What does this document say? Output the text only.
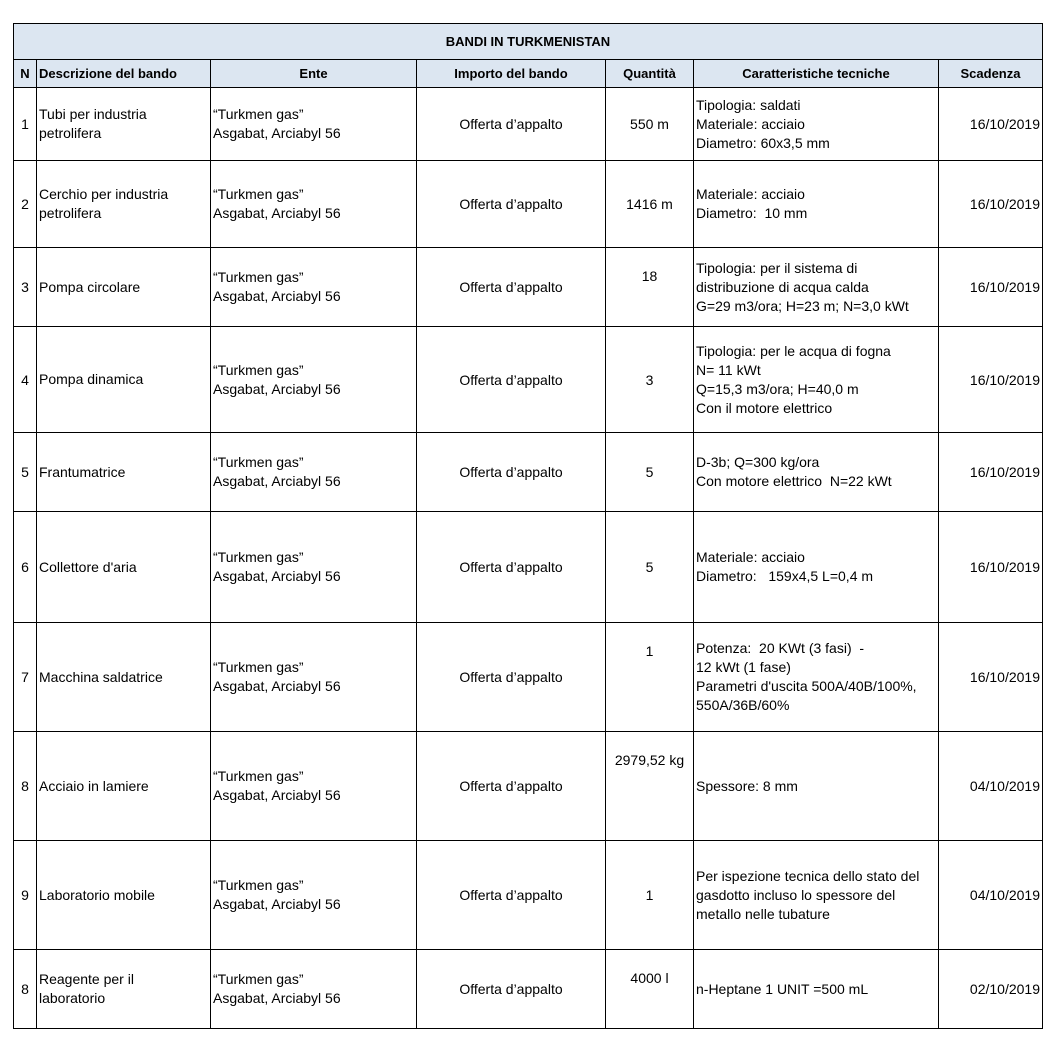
BANDI IN TURKMENISTAN						
N	Descrizione del bando	Ente	Importo del bando	Quantità	Caratteristiche tecniche	Scadenza
1	Tubi per industria
petrolifera	“Turkmen gas”
Asgabat, Arciabyl 56	Offerta d’appalto	550 m	Tipologia: saldati
Materiale: acciaio
Diametro: 60x3,5 mm	16/10/2019
2	Cerchio per industria
petrolifera	“Turkmen gas”
Asgabat, Arciabyl 56	Offerta d’appalto	1416 m	Materiale: acciaio
Diametro:  10 mm	16/10/2019
3	Pompa circolare	“Turkmen gas”
Asgabat, Arciabyl 56	Offerta d’appalto	18	Tipologia: per il sistema di
distribuzione di acqua calda
G=29 m3/ora; H=23 m; N=3,0 kWt	16/10/2019
4	Pompa dinamica	“Turkmen gas”
Asgabat, Arciabyl 56	Offerta d’appalto	3	Tipologia: per le acqua di fogna
N= 11 kWt
Q=15,3 m3/ora; H=40,0 m
Con il motore elettrico	16/10/2019
5	Frantumatrice	“Turkmen gas”
Asgabat, Arciabyl 56	Offerta d’appalto	5	D-3b; Q=300 kg/ora
Con motore elettrico  N=22 kWt	16/10/2019
6	Collettore d'aria	“Turkmen gas”
Asgabat, Arciabyl 56	Offerta d’appalto	5	Materiale: acciaio
Diametro:   159x4,5 L=0,4 m	16/10/2019
7	Macchina saldatrice	“Turkmen gas”
Asgabat, Arciabyl 56	Offerta d’appalto	1	Potenza:  20 KWt (3 fasi)  -
12 kWt (1 fase)
Parametri d'uscita 500A/40B/100%,
550A/36B/60%	16/10/2019
8	Acciaio in lamiere	“Turkmen gas”
Asgabat, Arciabyl 56	Offerta d’appalto	2979,52 kg	Spessore: 8 mm	04/10/2019
9	Laboratorio mobile	“Turkmen gas”
Asgabat, Arciabyl 56	Offerta d’appalto	1	Per ispezione tecnica dello stato del
gasdotto incluso lo spessore del
metallo nelle tubature	04/10/2019
8	Reagente per il
laboratorio	“Turkmen gas”
Asgabat, Arciabyl 56	Offerta d’appalto	4000 l	n-Heptane 1 UNIT =500 mL	02/10/2019
